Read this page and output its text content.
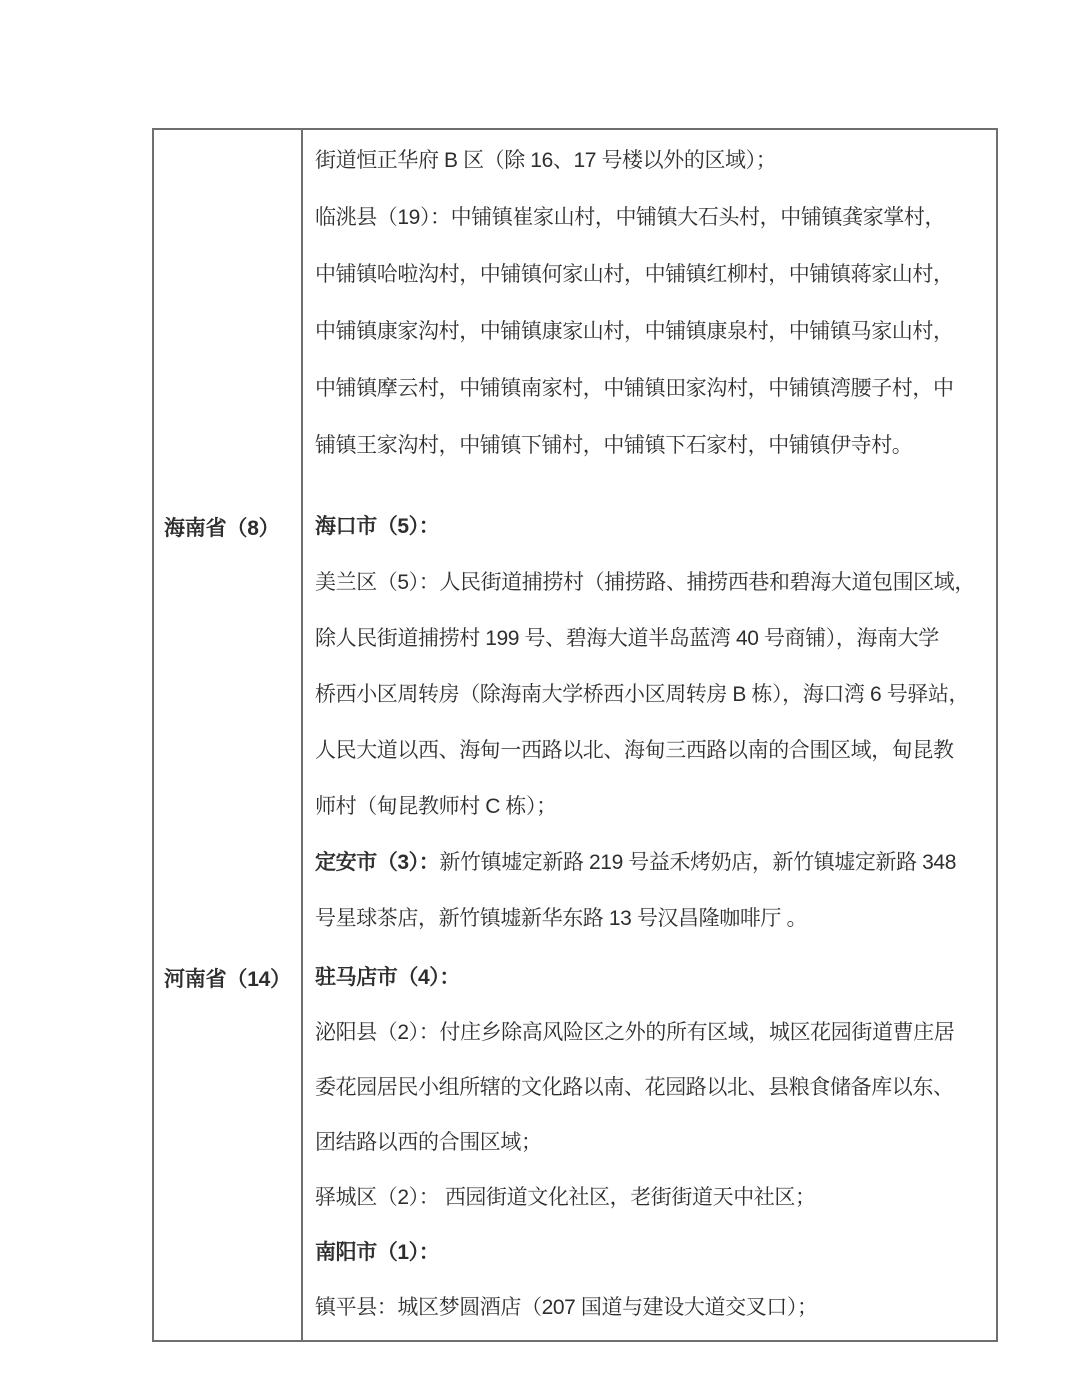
街道恒正华府 B 区（除 16、17 号楼以外的区域）；
临洮县（19）：中铺镇崔家山村，中铺镇大石头村，中铺镇龚家掌村，
中铺镇哈啦沟村，中铺镇何家山村，中铺镇红柳村，中铺镇蒋家山村，
中铺镇康家沟村，中铺镇康家山村，中铺镇康泉村，中铺镇马家山村，
中铺镇摩云村，中铺镇南家村，中铺镇田家沟村，中铺镇湾腰子村，中
铺镇王家沟村，中铺镇下铺村，中铺镇下石家村，中铺镇伊寺村。
海南省（8）	海口市（5）：
美兰区（5）：人民街道捕捞村（捕捞路、捕捞西巷和碧海大道包围区域，
除人民街道捕捞村 199 号、碧海大道半岛蓝湾 40 号商铺），海南大学
桥西小区周转房（除海南大学桥西小区周转房 B 栋），海口湾 6 号驿站，
人民大道以西、海甸一西路以北、海甸三西路以南的合围区域，甸昆教
师村（甸昆教师村 C 栋）；
定安市（3）：新竹镇墟定新路 219 号益禾烤奶店，新竹镇墟定新路 348
号星球茶店，新竹镇墟新华东路 13 号汉昌隆咖啡厅 。
河南省（14） 驻马店市（4）：
泌阳县（2）：付庄乡除高风险区之外的所有区域，城区花园街道曹庄居
委花园居民小组所辖的文化路以南、花园路以北、县粮食储备库以东、
团结路以西的合围区域；
驿城区（2）： 西园街道文化社区，老街街道天中社区；
南阳市（1）：
镇平县：城区梦圆酒店（207 国道与建设大道交叉口）；
